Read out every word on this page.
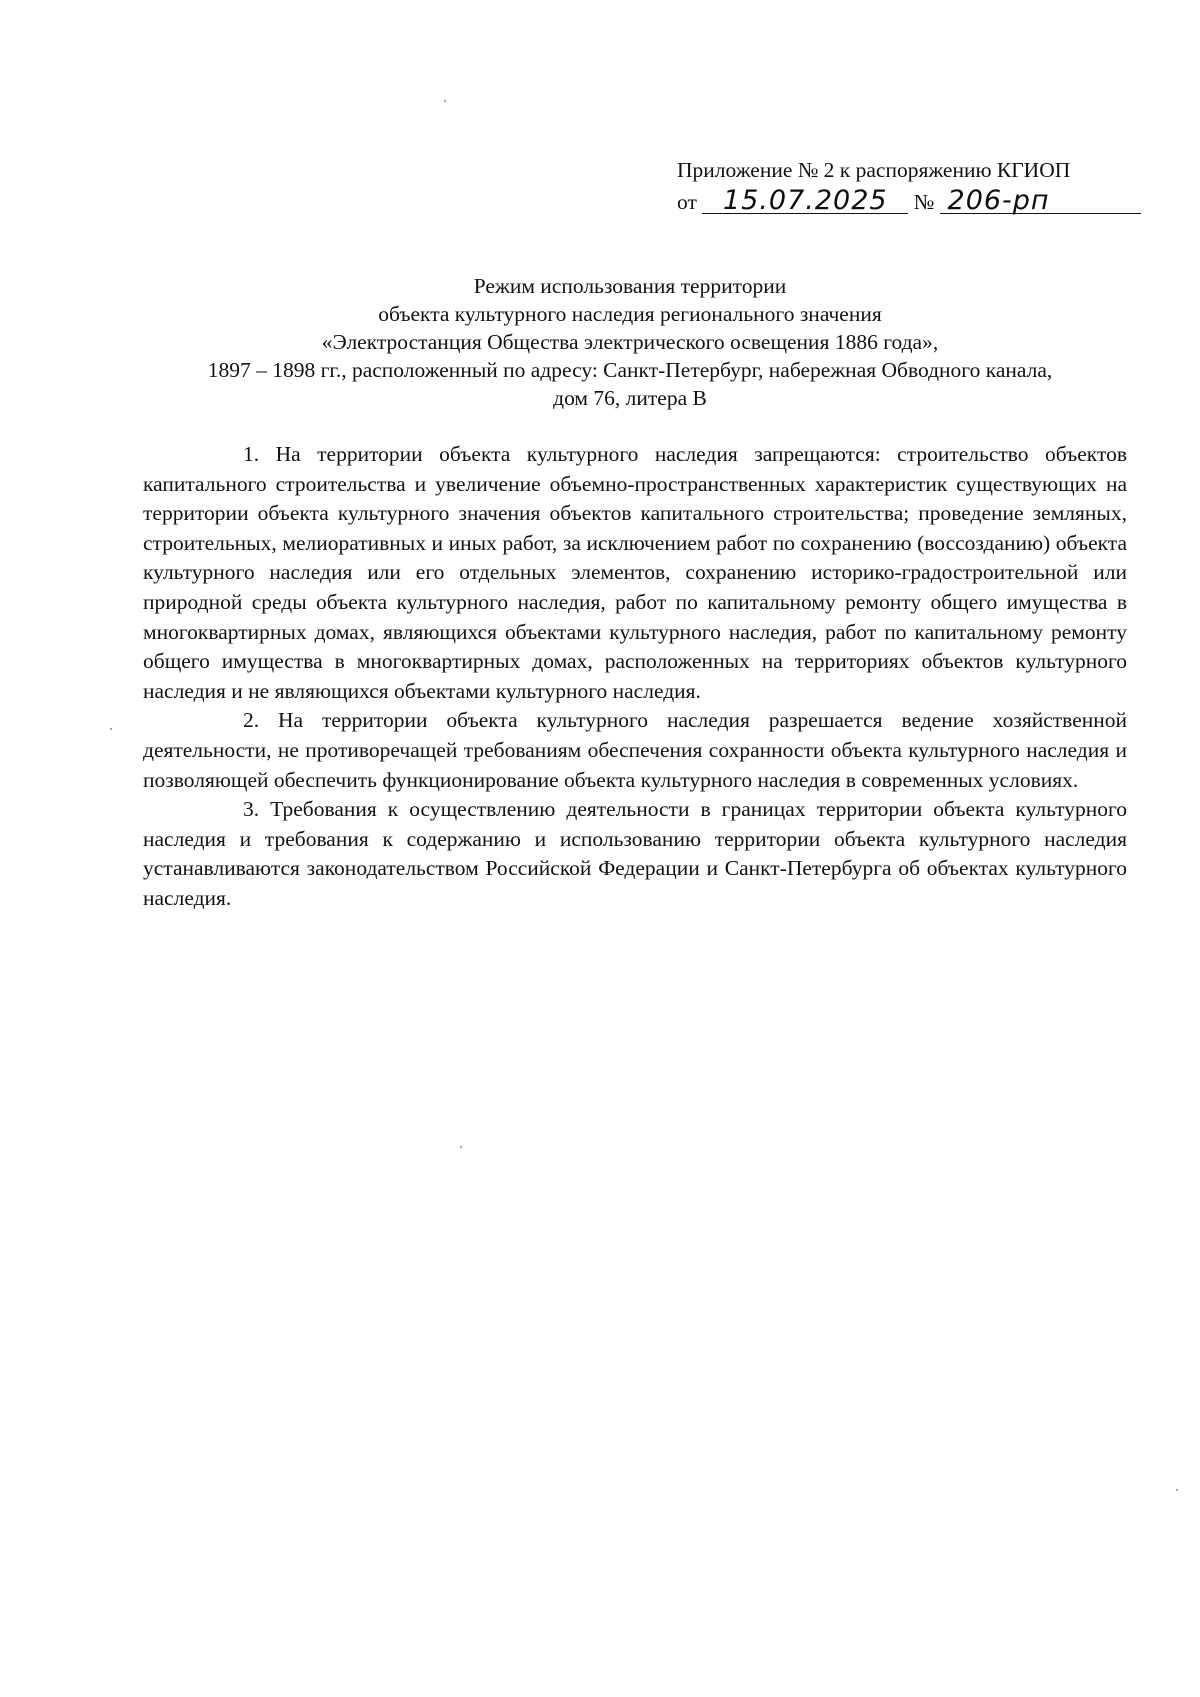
Приложение № 2 к распоряжению КГИОП
от 15.07.2025 № 206-рп
Режим использования территории
объекта культурного наследия регионального значения
«Электростанция Общества электрического освещения 1886 года»,
1897 – 1898 гг., расположенный по адресу: Санкт-Петербург, набережная Обводного канала,
дом 76, литера В

1. На территории объекта культурного наследия запрещаются: строительство объектов капитального строительства и увеличение объемно-пространственных характеристик существующих на территории объекта культурного значения объектов капитального строительства; проведение земляных, строительных, мелиоративных и иных работ, за исключением работ по сохранению (воссозданию) объекта культурного наследия или его отдельных элементов, сохранению историко-градостроительной или природной среды объекта культурного наследия, работ по капитальному ремонту общего имущества в многоквартирных домах, являющихся объектами культурного наследия, работ по капитальному ремонту общего имущества в многоквартирных домах, расположенных на территориях объектов культурного наследия и не являющихся объектами культурного наследия.

2. На территории объекта культурного наследия разрешается ведение хозяйственной деятельности, не противоречащей требованиям обеспечения сохранности объекта культурного наследия и позволяющей обеспечить функционирование объекта культурного наследия в современных условиях.

3. Требования к осуществлению деятельности в границах территории объекта культурного наследия и требования к содержанию и использованию территории объекта культурного наследия устанавливаются законодательством Российской Федерации и Санкт-Петербурга об объектах культурного наследия.
